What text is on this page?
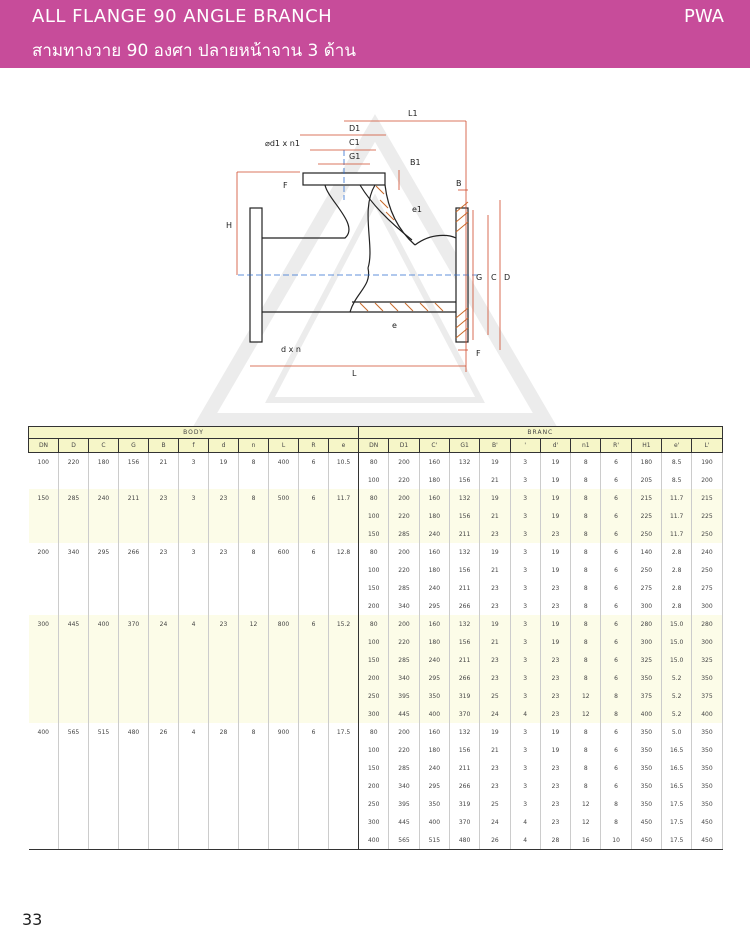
ALL FLANGE 90 ANGLE BRANCH
สามทางวาย 90 องศา ปลายหน้าจาน 3 ด้าน
PWA
L1
D1
C1
G1
⌀d1 x n1
B1
F
H
e1
B
G C D
e
F
d x n
L
BODY											BRANC											
DN	D	C	G	B	f	d	n	L	R	e	DN	D1	C'	G1	B'	'	d'	n1	R'	H1	e'	L'
100	220	180	156	21	3	19	8	400	6	10.5	80	200	160	132	19	3	19	8	6	180	8.5	190
											100	220	180	156	21	3	19	8	6	205	8.5	200
150	285	240	211	23	3	23	8	500	6	11.7	80	200	160	132	19	3	19	8	6	215	11.7	215
											100	220	180	156	21	3	19	8	6	225	11.7	225
											150	285	240	211	23	3	23	8	6	250	11.7	250
200	340	295	266	23	3	23	8	600	6	12.8	80	200	160	132	19	3	19	8	6	140	2.8	240
											100	220	180	156	21	3	19	8	6	250	2.8	250
											150	285	240	211	23	3	23	8	6	275	2.8	275
											200	340	295	266	23	3	23	8	6	300	2.8	300
300	445	400	370	24	4	23	12	800	6	15.2	80	200	160	132	19	3	19	8	6	280	15.0	280
											100	220	180	156	21	3	19	8	6	300	15.0	300
											150	285	240	211	23	3	23	8	6	325	15.0	325
											200	340	295	266	23	3	23	8	6	350	5.2	350
											250	395	350	319	25	3	23	12	8	375	5.2	375
											300	445	400	370	24	4	23	12	8	400	5.2	400
400	565	515	480	26	4	28	8	900	6	17.5	80	200	160	132	19	3	19	8	6	350	5.0	350
											100	220	180	156	21	3	19	8	6	350	16.5	350
											150	285	240	211	23	3	23	8	6	350	16.5	350
											200	340	295	266	23	3	23	8	6	350	16.5	350
											250	395	350	319	25	3	23	12	8	350	17.5	350
											300	445	400	370	24	4	23	12	8	450	17.5	450
											400	565	515	480	26	4	28	16	10	450	17.5	450
33
